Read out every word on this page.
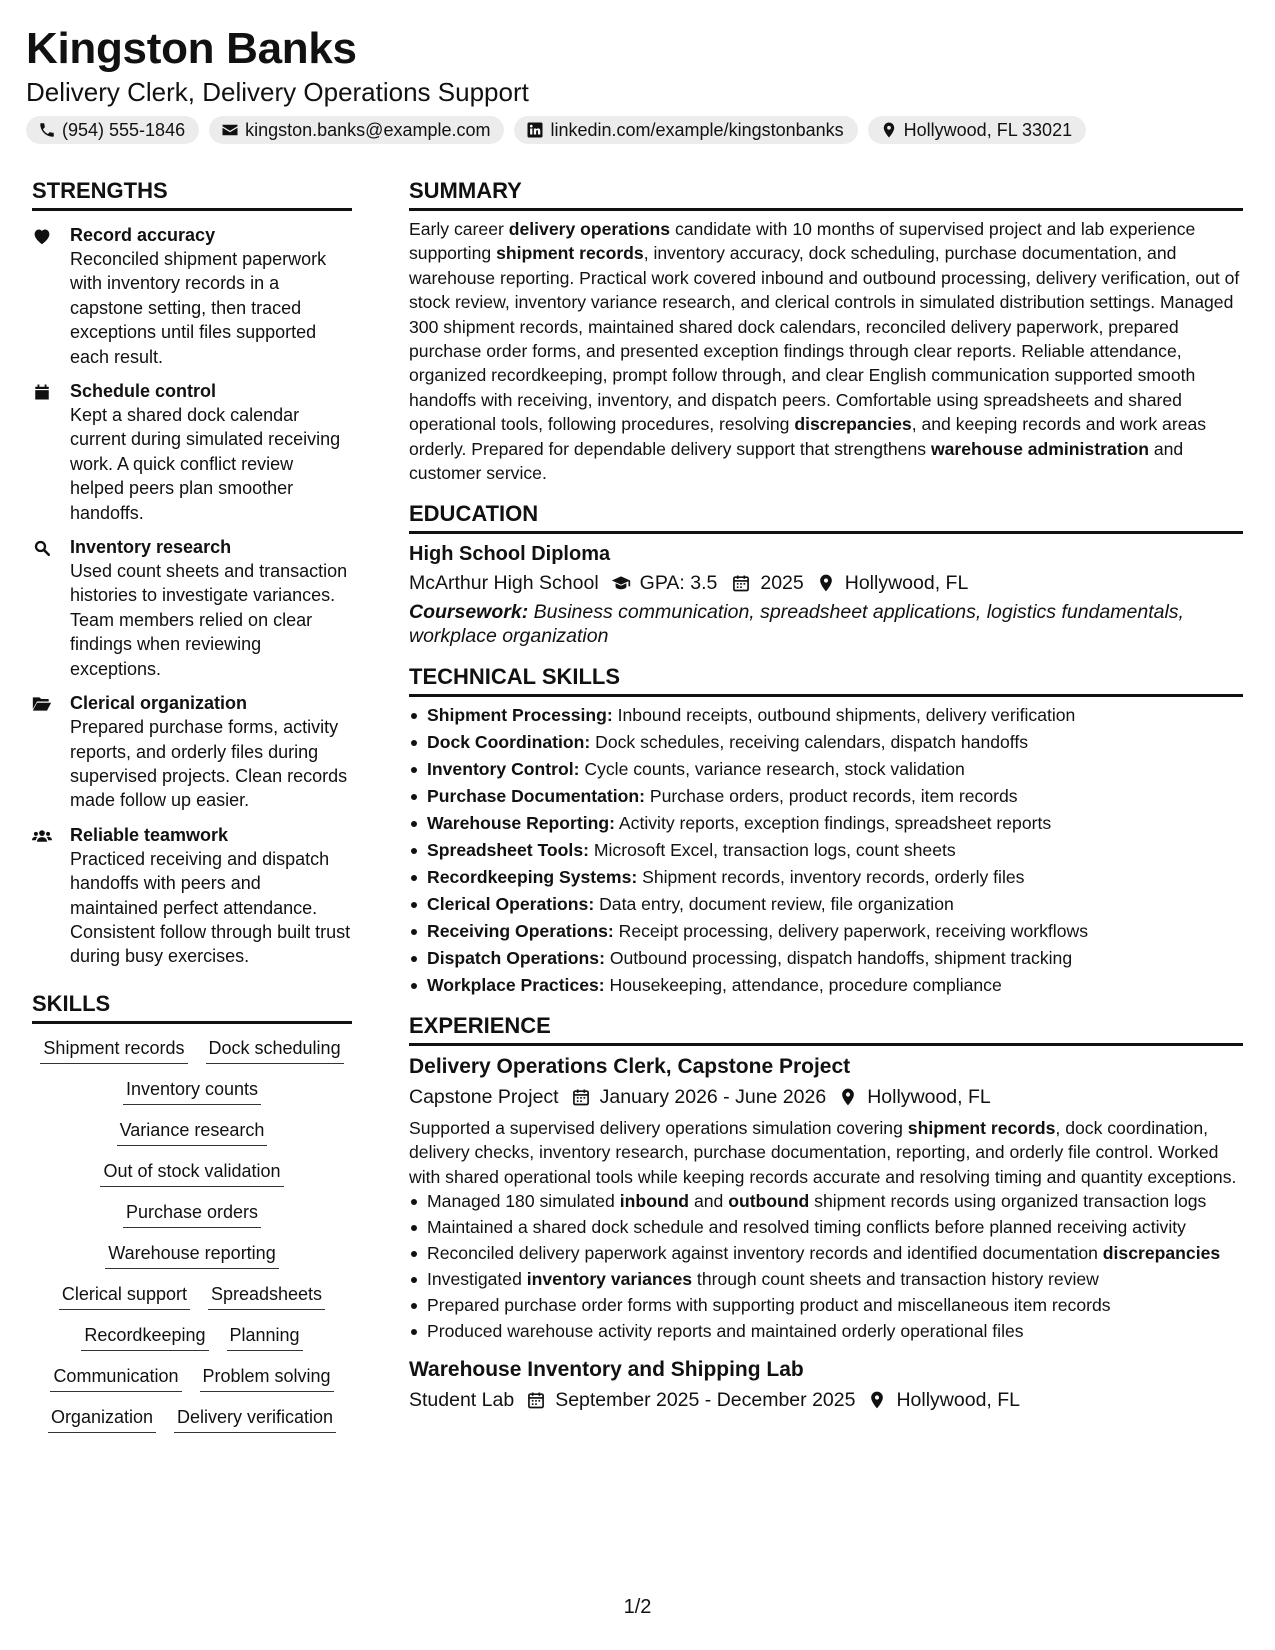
Kingston Banks
Delivery Clerk, Delivery Operations Support
(954) 555-1846	kingston.banks@example.com	linkedin.com/example/kingstonbanks	Hollywood, FL 33021
STRENGTHS
Record accuracy
Reconciled shipment paperwork with inventory records in a capstone setting, then traced exceptions until files supported each result.
Schedule control
Kept a shared dock calendar current during simulated receiving work. A quick conflict review helped peers plan smoother handoffs.
Inventory research
Used count sheets and transaction histories to investigate variances. Team members relied on clear findings when reviewing exceptions.
Clerical organization
Prepared purchase forms, activity reports, and orderly files during supervised projects. Clean records made follow up easier.
Reliable teamwork
Practiced receiving and dispatch handoffs with peers and maintained perfect attendance. Consistent follow through built trust during busy exercises.
SKILLS
Shipment records Dock scheduling
Inventory counts
Variance research
Out of stock validation
Purchase orders
Warehouse reporting
Clerical support Spreadsheets
Recordkeeping Planning
Communication Problem solving
Organization Delivery verification
SUMMARY

Early career delivery operations candidate with 10 months of supervised project and lab experience supporting shipment records, inventory accuracy, dock scheduling, purchase documentation, and warehouse reporting. Practical work covered inbound and outbound processing, delivery verification, out of stock review, inventory variance research, and clerical controls in simulated distribution settings. Managed 300 shipment records, maintained shared dock calendars, reconciled delivery paperwork, prepared purchase order forms, and presented exception findings through clear reports. Reliable attendance, organized recordkeeping, prompt follow through, and clear English communication supported smooth handoffs with receiving, inventory, and dispatch peers. Comfortable using spreadsheets and shared operational tools, following procedures, resolving discrepancies, and keeping records and work areas orderly. Prepared for dependable delivery support that strengthens warehouse administration and customer service.

EDUCATION
High School Diploma
McArthur High School GPA: 3.5 2025 Hollywood, FL
Coursework: Business communication, spreadsheet applications, logistics fundamentals, workplace organization
TECHNICAL SKILLS
Shipment Processing: Inbound receipts, outbound shipments, delivery verification
Dock Coordination: Dock schedules, receiving calendars, dispatch handoffs
Inventory Control: Cycle counts, variance research, stock validation
Purchase Documentation: Purchase orders, product records, item records
Warehouse Reporting: Activity reports, exception findings, spreadsheet reports
Spreadsheet Tools: Microsoft Excel, transaction logs, count sheets
Recordkeeping Systems: Shipment records, inventory records, orderly files
Clerical Operations: Data entry, document review, file organization
Receiving Operations: Receipt processing, delivery paperwork, receiving workflows
Dispatch Operations: Outbound processing, dispatch handoffs, shipment tracking
Workplace Practices: Housekeeping, attendance, procedure compliance
EXPERIENCE
Delivery Operations Clerk, Capstone Project
Capstone Project January 2026 - June 2026 Hollywood, FL

Supported a supervised delivery operations simulation covering shipment records, dock coordination, delivery checks, inventory research, purchase documentation, reporting, and orderly file control. Worked with shared operational tools while keeping records accurate and resolving timing and quantity exceptions.

Managed 180 simulated inbound and outbound shipment records using organized transaction logs
Maintained a shared dock schedule and resolved timing conflicts before planned receiving activity
Reconciled delivery paperwork against inventory records and identified documentation discrepancies
Investigated inventory variances through count sheets and transaction history review
Prepared purchase order forms with supporting product and miscellaneous item records
Produced warehouse activity reports and maintained orderly operational files
Warehouse Inventory and Shipping Lab
Student Lab September 2025 - December 2025 Hollywood, FL
1/2
